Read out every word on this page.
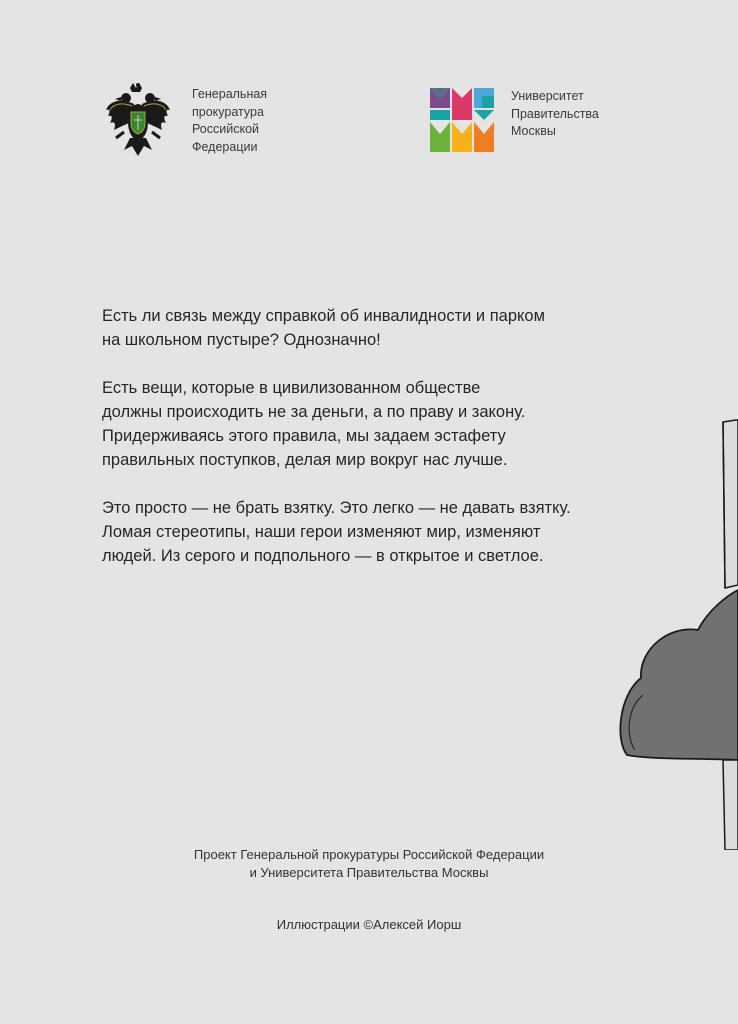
Генеральная
прокуратура
Российской
Федерации
Университет
Правительства
Москвы

Есть ли связь между справкой об инвалидности и парком
на школьном пустыре? Однозначно!

Есть вещи, которые в цивилизованном обществе
должны происходить не за деньги, а по праву и закону.
Придерживаясь этого правила, мы задаем эстафету
правильных поступков, делая мир вокруг нас лучше.

Это просто — не брать взятку. Это легко — не давать взятку.
Ломая стереотипы, наши герои изменяют мир, изменяют
людей. Из серого и подпольного — в открытое и светлое.

Проект Генеральной прокуратуры Российской Федерации
и Университета Правительства Москвы
Иллюстрации ©Алексей Иорш
